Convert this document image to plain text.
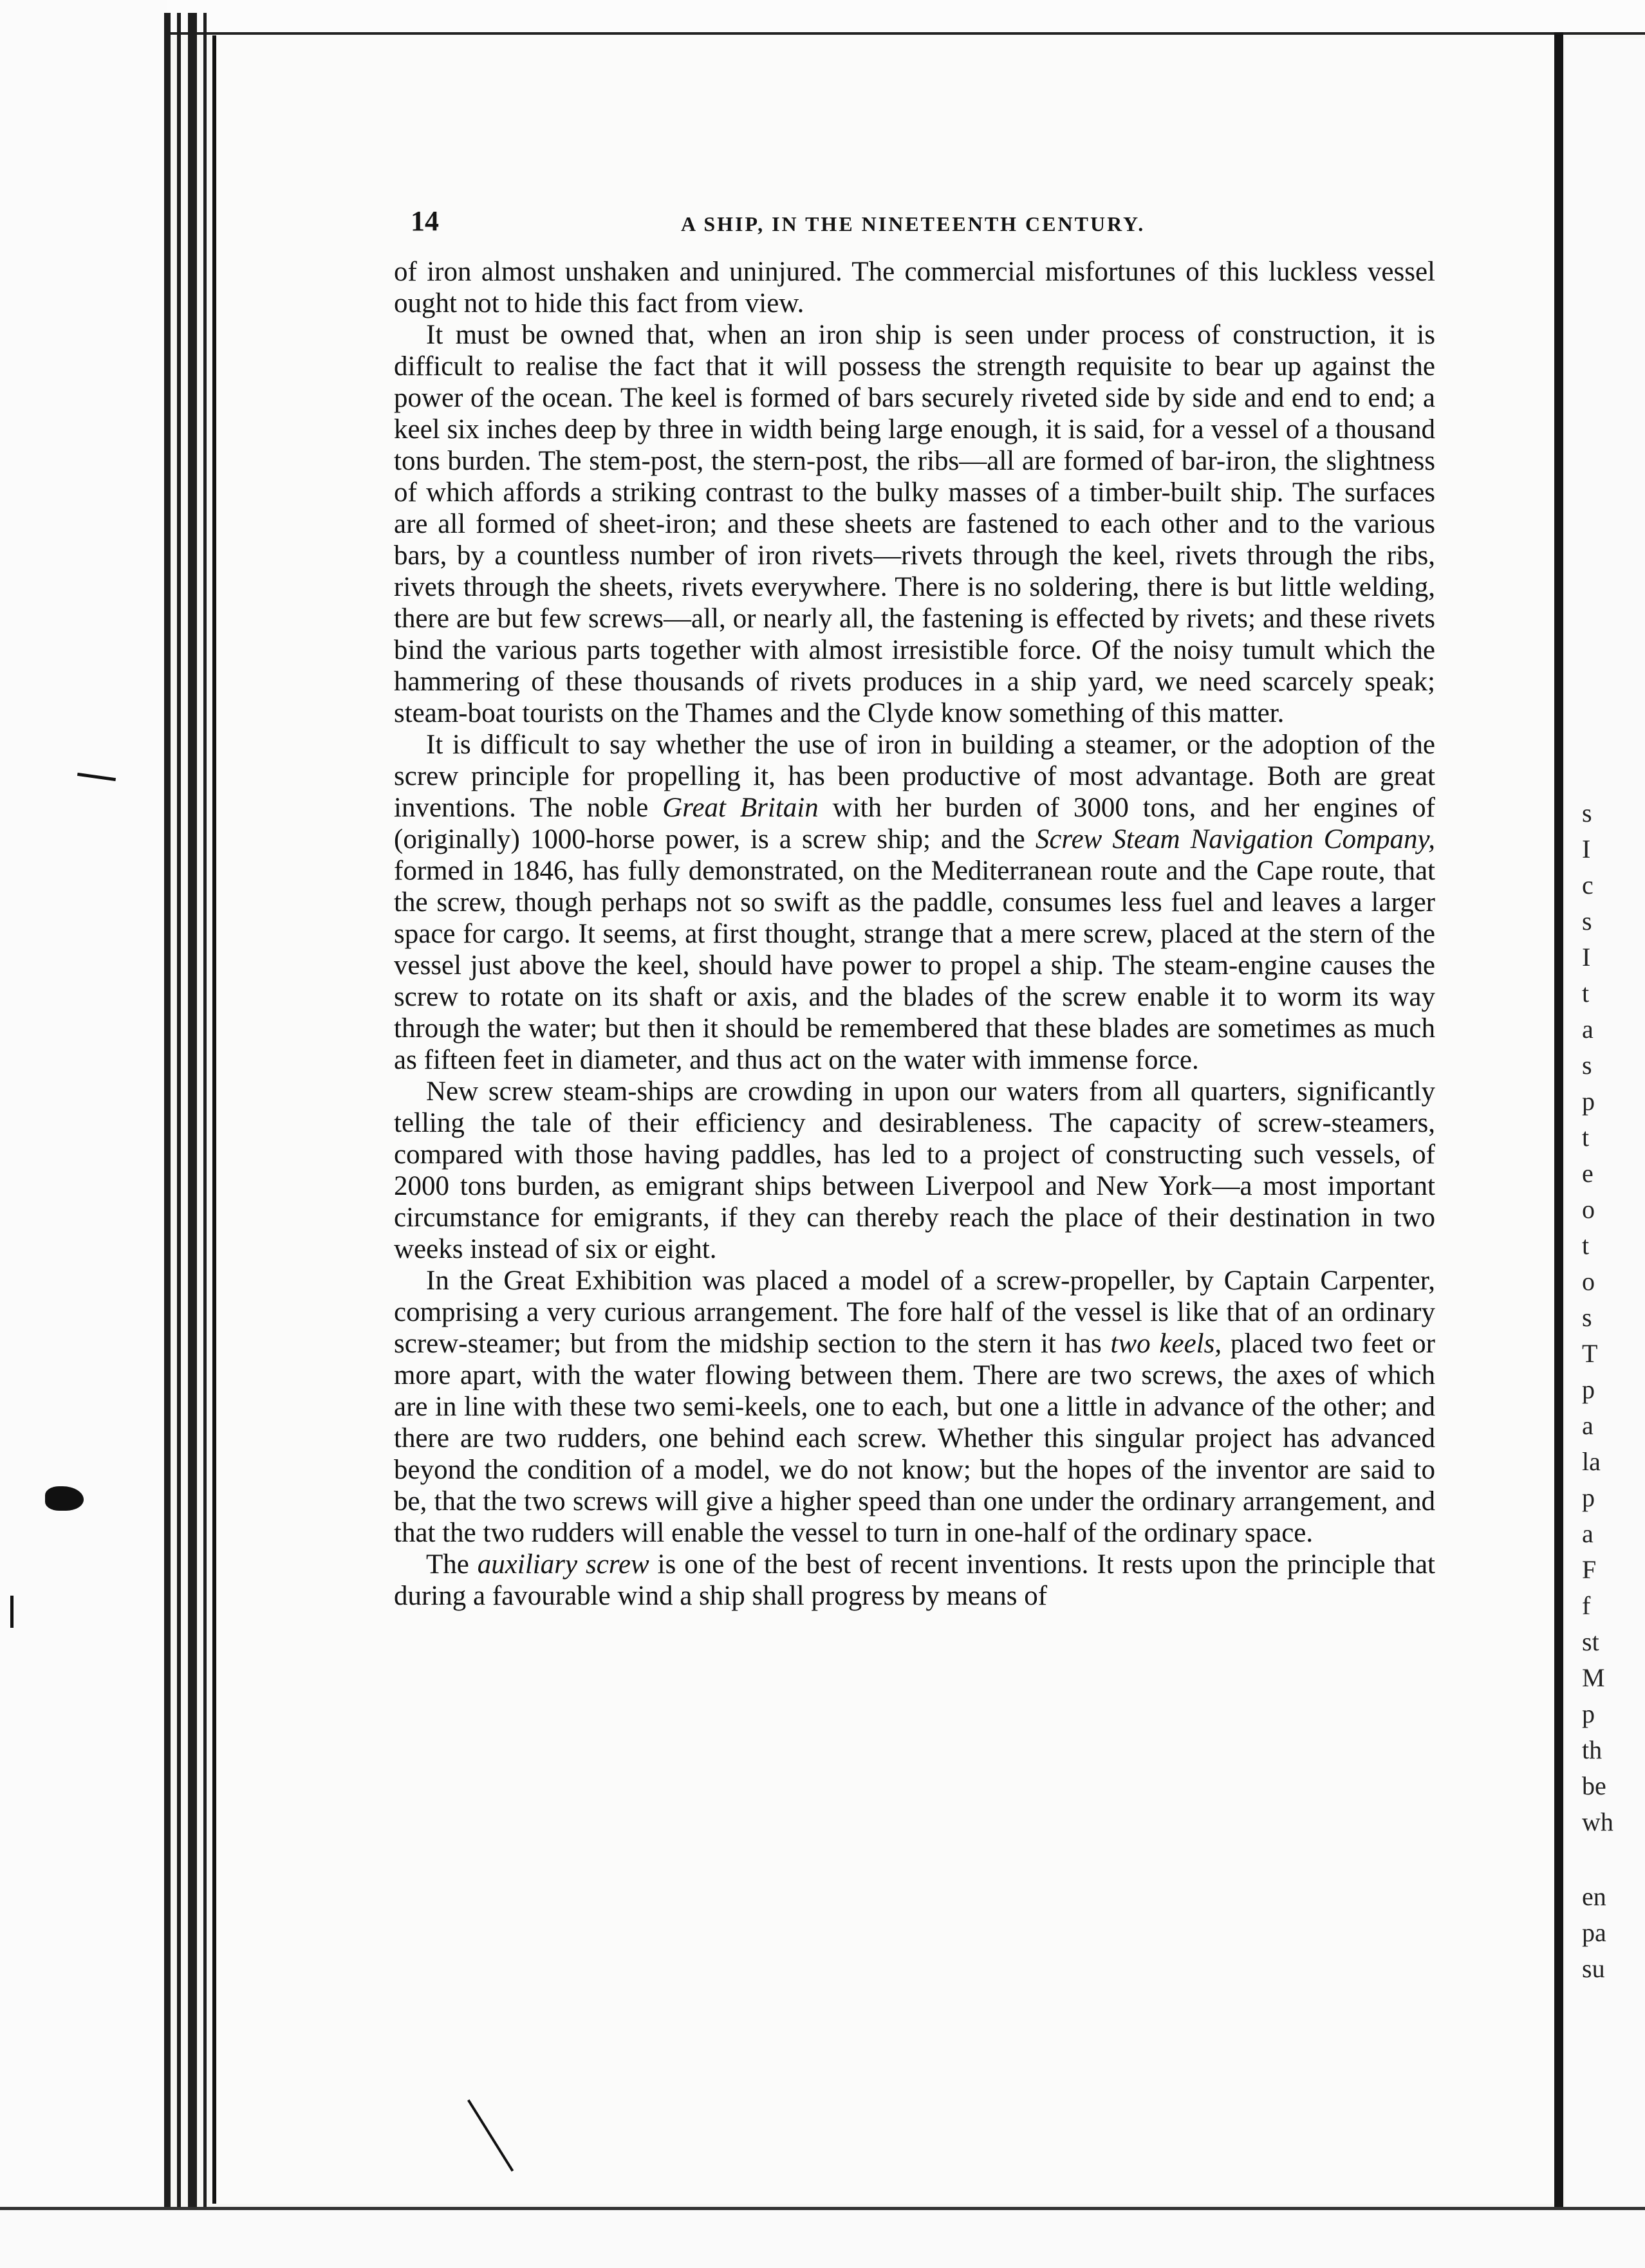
14	A SHIP, IN THE NINETEENTH CENTURY.

of iron almost unshaken and uninjured. The commercial misfortunes of this luckless vessel ought not to hide this fact from view.

It must be owned that, when an iron ship is seen under process of construction, it is difficult to realise the fact that it will possess the strength requisite to bear up against the power of the ocean. The keel is formed of bars securely riveted side by side and end to end; a keel six inches deep by three in width being large enough, it is said, for a vessel of a thousand tons burden. The stem-post, the stern-post, the ribs—all are formed of bar-iron, the slightness of which affords a striking contrast to the bulky masses of a timber-built ship. The surfaces are all formed of sheet-iron; and these sheets are fastened to each other and to the various bars, by a countless number of iron rivets—rivets through the keel, rivets through the ribs, rivets through the sheets, rivets everywhere. There is no soldering, there is but little welding, there are but few screws—all, or nearly all, the fastening is effected by rivets; and these rivets bind the various parts together with almost irresistible force. Of the noisy tumult which the hammering of these thousands of rivets produces in a ship yard, we need scarcely speak; steam-boat tourists on the Thames and the Clyde know something of this matter.

It is difficult to say whether the use of iron in building a steamer, or the adoption of the screw principle for propelling it, has been productive of most advantage. Both are great inventions. The noble Great Britain with her burden of 3000 tons, and her engines of (originally) 1000-horse power, is a screw ship; and the Screw Steam Navigation Company, formed in 1846, has fully demonstrated, on the Mediterranean route and the Cape route, that the screw, though perhaps not so swift as the paddle, consumes less fuel and leaves a larger space for cargo. It seems, at first thought, strange that a mere screw, placed at the stern of the vessel just above the keel, should have power to propel a ship. The steam-engine causes the screw to rotate on its shaft or axis, and the blades of the screw enable it to worm its way through the water; but then it should be remembered that these blades are sometimes as much as fifteen feet in diameter, and thus act on the water with immense force.

New screw steam-ships are crowding in upon our waters from all quarters, significantly telling the tale of their efficiency and desirableness. The capacity of screw-steamers, compared with those having paddles, has led to a project of constructing such vessels, of 2000 tons burden, as emigrant ships between Liverpool and New York—a most important circumstance for emigrants, if they can thereby reach the place of their destination in two weeks instead of six or eight.

In the Great Exhibition was placed a model of a screw-propeller, by Captain Carpenter, comprising a very curious arrangement. The fore half of the vessel is like that of an ordinary screw-steamer; but from the midship section to the stern it has two keels, placed two feet or more apart, with the water flowing between them. There are two screws, the axes of which are in line with these two semi-keels, one to each, but one a little in advance of the other; and there are two rudders, one behind each screw. Whether this singular project has advanced beyond the condition of a model, we do not know; but the hopes of the inventor are said to be, that the two screws will give a higher speed than one under the ordinary arrangement, and that the two rudders will enable the vessel to turn in one-half of the ordinary space.

The auxiliary screw is one of the best of recent inventions. It rests upon the principle that during a favourable wind a ship shall progress by means of

s
I
c
s
I
t
a
s
p
t
e
o
t
o
s
T
p
a
la
p
a
F
f
st
M
p
th
be
wh
en
pa
su
